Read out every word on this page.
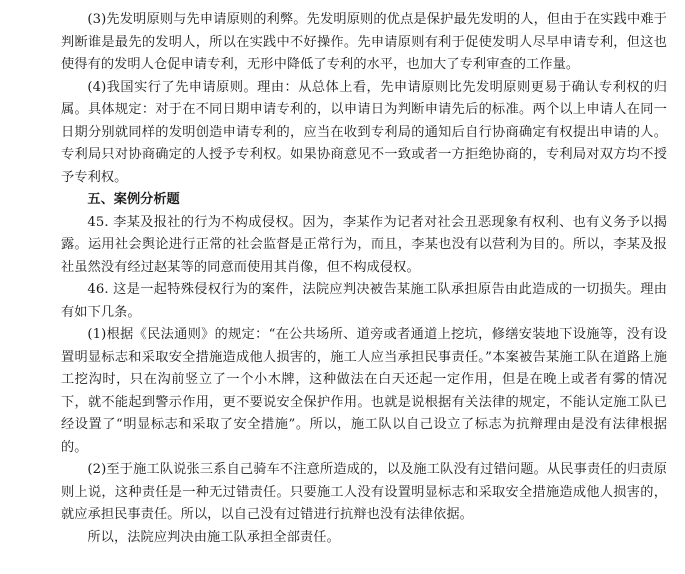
(3)先发明原则与先申请原则的利弊。先发明原则的优点是保护最先发明的人，但由于在实践中难于判断谁是最先的发明人，所以在实践中不好操作。先申请原则有利于促使发明人尽早申请专利，但这也使得有的发明人仓促申请专利，无形中降低了专利的水平，也加大了专利审查的工作量。

(4)我国实行了先申请原则。理由：从总体上看，先申请原则比先发明原则更易于确认专利权的归属。具体规定：对于在不同日期申请专利的，以申请日为判断申请先后的标准。两个以上申请人在同一日期分别就同样的发明创造申请专利的，应当在收到专利局的通知后自行协商确定有权提出申请的人。专利局只对协商确定的人授予专利权。如果协商意见不一致或者一方拒绝协商的，专利局对双方均不授予专利权。

五、案例分析题

45. 李某及报社的行为不构成侵权。因为，李某作为记者对社会丑恶现象有权利、也有义务予以揭露。运用社会舆论进行正常的社会监督是正常行为，而且，李某也没有以营利为目的。所以，李某及报社虽然没有经过赵某等的同意而使用其肖像，但不构成侵权。

46. 这是一起特殊侵权行为的案件，法院应判决被告某施工队承担原告由此造成的一切损失。理由有如下几条。

(1)根据《民法通则》的规定：“在公共场所、道旁或者通道上挖坑，修缮安装地下设施等，没有设置明显标志和采取安全措施造成他人损害的，施工人应当承担民事责任。”本案被告某施工队在道路上施工挖沟时，只在沟前竖立了一个小木牌，这种做法在白天还起一定作用，但是在晚上或者有雾的情况下，就不能起到警示作用，更不要说安全保护作用。也就是说根据有关法律的规定，不能认定施工队已经设置了“明显标志和采取了安全措施”。所以，施工队以自己设立了标志为抗辩理由是没有法律根据的。

(2)至于施工队说张三系自己骑车不注意所造成的，以及施工队没有过错问题。从民事责任的归责原则上说，这种责任是一种无过错责任。只要施工人没有设置明显标志和采取安全措施造成他人损害的，就应承担民事责任。所以，以自己没有过错进行抗辩也没有法律依据。

所以，法院应判决由施工队承担全部责任。
